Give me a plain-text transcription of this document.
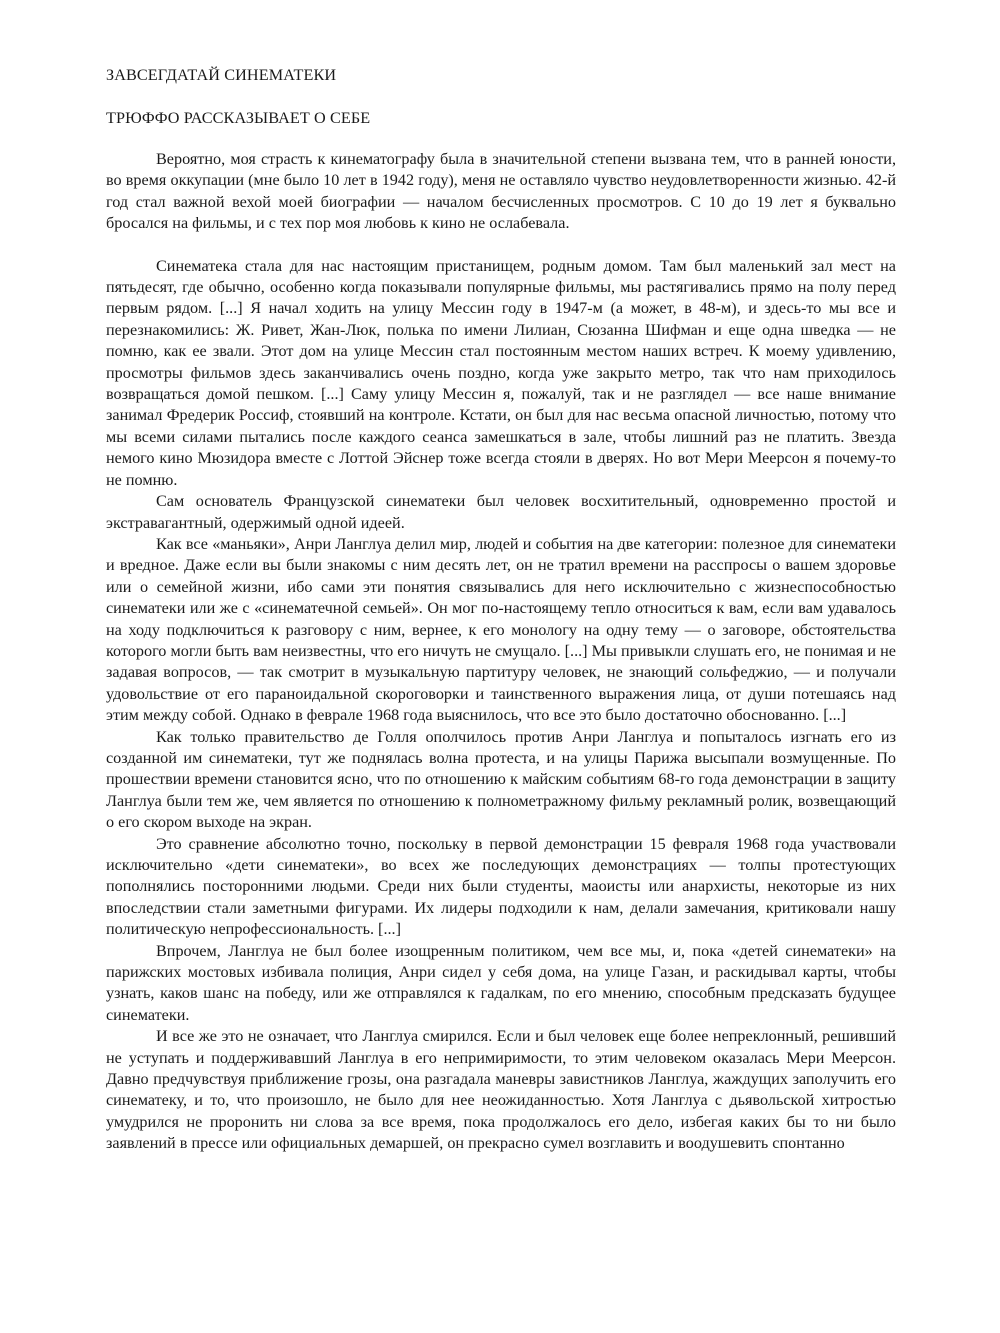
ЗАВСЕГДАТАЙ СИНЕМАТЕКИ
ТРЮФФО РАССКАЗЫВАЕТ О СЕБЕ

Вероятно, моя страсть к кинематографу была в значительной степени вызвана тем, что в ранней юности, во время оккупации (мне было 10 лет в 1942 году), меня не оставляло чувство неудовлетворенности жизнью. 42-й год стал важной вехой моей биографии — началом бесчисленных просмотров. С 10 до 19 лет я буквально бросался на фильмы, и с тех пор моя любовь к кино не ослабевала.

Синематека стала для нас настоящим пристанищем, родным домом. Там был маленький зал мест на пятьдесят, где обычно, особенно когда показывали популярные фильмы, мы растягивались прямо на полу перед первым рядом. [...] Я начал ходить на улицу Мессин году в 1947-м (а может, в 48-м), и здесь-то мы все и перезнакомились: Ж. Ривет, Жан-Люк, полька по имени Лилиан, Сюзанна Шифман и еще одна шведка — не помню, как ее звали. Этот дом на улице Мессин стал постоянным местом наших встреч. К моему удивлению, просмотры фильмов здесь заканчивались очень поздно, когда уже закрыто метро, так что нам приходилось возвращаться домой пешком. [...] Саму улицу Мессин я, пожалуй, так и не разглядел — все наше внимание занимал Фредерик Россиф, стоявший на контроле. Кстати, он был для нас весьма опасной личностью, потому что мы всеми силами пытались после каждого сеанса замешкаться в зале, чтобы лишний раз не платить. Звезда немого кино Мюзидора вместе с Лоттой Эйснер тоже всегда стояли в дверях. Но вот Мери Меерсон я почему-то не помню.

Сам основатель Французской синематеки был человек восхитительный, одновременно простой и экстравагантный, одержимый одной идеей.

Как все «маньяки», Анри Ланглуа делил мир, людей и события на две категории: полезное для синематеки и вредное. Даже если вы были знакомы с ним десять лет, он не тратил времени на расспросы о вашем здоровье или о семейной жизни, ибо сами эти понятия связывались для него исключительно с жизнеспособностью синематеки или же с «синематечной семьей». Он мог по-настоящему тепло относиться к вам, если вам удавалось на ходу подключиться к разговору с ним, вернее, к его монологу на одну тему — о заговоре, обстоятельства которого могли быть вам неизвестны, что его ничуть не смущало. [...] Мы привыкли слушать его, не понимая и не задавая вопросов, — так смотрит в музыкальную партитуру человек, не знающий сольфеджио, — и получали удовольствие от его параноидальной скороговорки и таинственного выражения лица, от души потешаясь над этим между собой. Однако в феврале 1968 года выяснилось, что все это было достаточно обоснованно. [...]

Как только правительство де Голля ополчилось против Анри Ланглуа и попыталось изгнать его из созданной им синематеки, тут же поднялась волна протеста, и на улицы Парижа высыпали возмущенные. По прошествии времени становится ясно, что по отношению к майским событиям 68-го года демонстрации в защиту Ланглуа были тем же, чем является по отношению к полнометражному фильму рекламный ролик, возвещающий о его скором выходе на экран.

Это сравнение абсолютно точно, поскольку в первой демонстрации 15 февраля 1968 года участвовали исключительно «дети синематеки», во всех же последующих демонстрациях — толпы протестующих пополнялись посторонними людьми. Среди них были студенты, маоисты или анархисты, некоторые из них впоследствии стали заметными фигурами. Их лидеры подходили к нам, делали замечания, критиковали нашу политическую непрофессиональность. [...]

Впрочем, Ланглуа не был более изощренным политиком, чем все мы, и, пока «детей синематеки» на парижских мостовых избивала полиция, Анри сидел у себя дома, на улице Газан, и раскидывал карты, чтобы узнать, каков шанс на победу, или же отправлялся к гадалкам, по его мнению, способным предсказать будущее синематеки.

И все же это не означает, что Ланглуа смирился. Если и был человек еще более непреклонный, решивший не уступать и поддерживавший Ланглуа в его непримиримости, то этим человеком оказалась Мери Меерсон. Давно предчувствуя приближение грозы, она разгадала маневры завистников Ланглуа, жаждущих заполучить его синематеку, и то, что произошло, не было для нее неожиданностью. Хотя Ланглуа с дьявольской хитростью умудрился не проронить ни слова за все время, пока продолжалось его дело, избегая каких бы то ни было заявлений в прессе или официальных демаршей, он прекрасно сумел возглавить и воодушевить спонтанно
